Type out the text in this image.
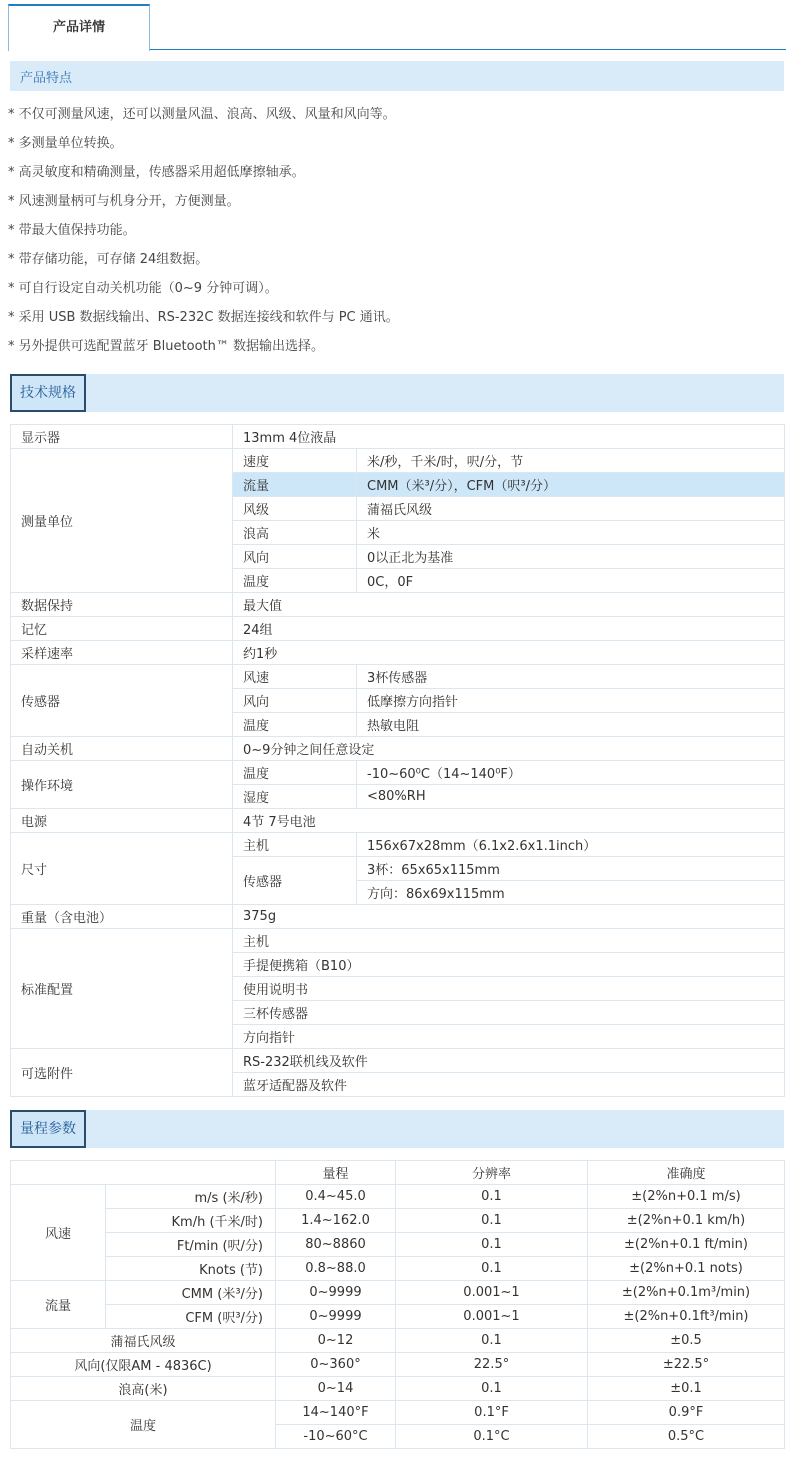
产品详情
产品特点
* 不仅可测量风速，还可以测量风温、浪高、风级、风量和风向等。
* 多测量单位转换。
* 高灵敏度和精确测量，传感器采用超低摩擦轴承。
* 风速测量柄可与机身分开，方便测量。
* 带最大值保持功能。
* 带存储功能，可存储 24组数据。
* 可自行设定自动关机功能（0~9 分钟可调）。
* 采用 USB 数据线输出、RS-232C 数据连接线和软件与 PC 通讯。
* 另外提供可选配置蓝牙 Bluetooth™ 数据输出选择。
技术规格
显示器	13mm 4位液晶	
测量单位	速度	米/秒，千米/时，呎/分，节
	流量	CMM（米³/分），CFM（呎³/分）
	风级	蒲福氏风级
	浪高	米
	风向	0以正北为基准
	温度	0C，0F
数据保持	最大值	
记忆	24组	
采样速率	约1秒	
传感器	风速	3杯传感器
	风向	低摩擦方向指针
	温度	热敏电阻
自动关机	0~9分钟之间任意设定	
操作环境	温度	-10~60⁰C（14~140⁰F）
	湿度	<80%RH
电源	4节 7号电池	
尺寸	主机	156x67x28mm（6.1x2.6x1.1inch）
	传感器	3杯：65x65x115mm
		方向：86x69x115mm
重量（含电池）	375g	
标准配置	主机	
	手提便携箱（B10）	
	使用说明书	
	三杯传感器	
	方向指针	
可选附件	RS-232联机线及软件	
	蓝牙适配器及软件	
量程参数
		量程	分辨率	准确度
风速	m/s (米/秒)	0.4~45.0	0.1	±(2%n+0.1 m/s)
	Km/h (千米/时)	1.4~162.0	0.1	±(2%n+0.1 km/h)
	Ft/min (呎/分)	80~8860	0.1	±(2%n+0.1 ft/min)
	Knots (节)	0.8~88.0	0.1	±(2%n+0.1 nots)
流量	CMM (米³/分)	0~9999	0.001~1	±(2%n+0.1m³/min)
	CFM (呎³/分)	0~9999	0.001~1	±(2%n+0.1ft³/min)
蒲福氏风级		0~12	0.1	±0.5
风向(仅限AM - 4836C)		0~360°	22.5°	±22.5°
浪高(米)		0~14	0.1	±0.1
温度		14~140°F	0.1°F	0.9°F
		-10~60°C	0.1°C	0.5°C
